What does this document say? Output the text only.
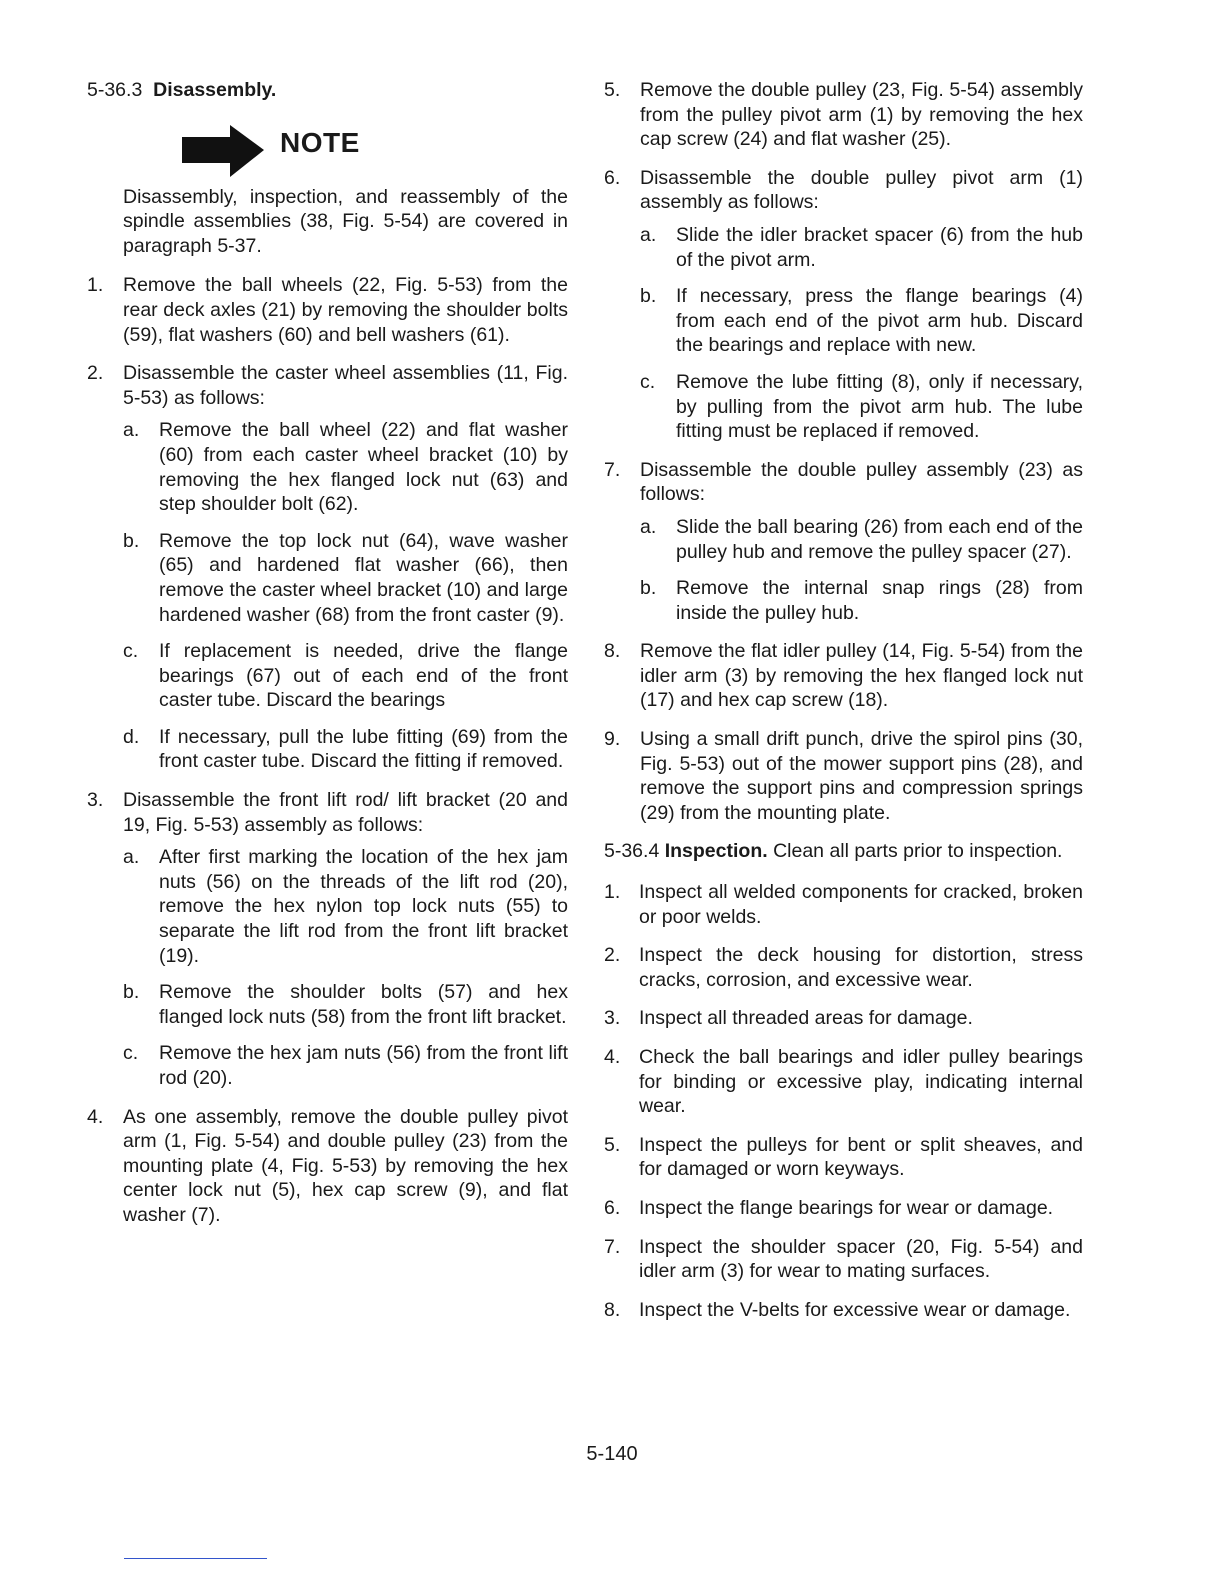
5-36.3 Disassembly.
NOTE
Disassembly, inspection, and reassembly of the spindle assemblies (38, Fig. 5-54) are covered in paragraph 5-37.
1. Remove the ball wheels (22, Fig. 5-53) from the rear deck axles (21) by removing the shoulder bolts (59), flat washers (60) and bell washers (61).
2. Disassemble the caster wheel assemblies (11, Fig. 5-53) as follows:
a. Remove the ball wheel (22) and flat washer (60) from each caster wheel bracket (10) by removing the hex flanged lock nut (63) and step shoulder bolt (62).
b. Remove the top lock nut (64), wave washer (65) and hardened flat washer (66), then remove the caster wheel bracket (10) and large hardened washer (68) from the front caster (9).
c. If replacement is needed, drive the flange bearings (67) out of each end of the front caster tube. Discard the bearings
d. If necessary, pull the lube fitting (69) from the front caster tube. Discard the fitting if removed.
3. Disassemble the front lift rod/ lift bracket (20 and 19, Fig. 5-53) assembly as follows:
a. After first marking the location of the hex jam nuts (56) on the threads of the lift rod (20), remove the hex nylon top lock nuts (55) to separate the lift rod from the front lift bracket (19).
b. Remove the shoulder bolts (57) and hex flanged lock nuts (58) from the front lift bracket.
c. Remove the hex jam nuts (56) from the front lift rod (20).
4. As one assembly, remove the double pulley pivot arm (1, Fig. 5-54) and double pulley (23) from the mounting plate (4, Fig. 5-53) by removing the hex center lock nut (5), hex cap screw (9), and flat washer (7).
5. Remove the double pulley (23, Fig. 5-54) assembly from the pulley pivot arm (1) by removing the hex cap screw (24) and flat washer (25).
6. Disassemble the double pulley pivot arm (1) assembly as follows:
a. Slide the idler bracket spacer (6) from the hub of the pivot arm.
b. If necessary, press the flange bearings (4) from each end of the pivot arm hub. Discard the bearings and replace with new.
c. Remove the lube fitting (8), only if necessary, by pulling from the pivot arm hub. The lube fitting must be replaced if removed.
7. Disassemble the double pulley assembly (23) as follows:
a. Slide the ball bearing (26) from each end of the pulley hub and remove the pulley spacer (27).
b. Remove the internal snap rings (28) from inside the pulley hub.
8. Remove the flat idler pulley (14, Fig. 5-54) from the idler arm (3) by removing the hex flanged lock nut (17) and hex cap screw (18).
9. Using a small drift punch, drive the spirol pins (30, Fig. 5-53) out of the mower support pins (28), and remove the support pins and compression springs (29) from the mounting plate.
5-36.4 Inspection. Clean all parts prior to inspection.
1. Inspect all welded components for cracked, broken or poor welds.
2. Inspect the deck housing for distortion, stress cracks, corrosion, and excessive wear.
3. Inspect all threaded areas for damage.
4. Check the ball bearings and idler pulley bearings for binding or excessive play, indicating internal wear.
5. Inspect the pulleys for bent or split sheaves, and for damaged or worn keyways.
6. Inspect the flange bearings for wear or damage.
7. Inspect the shoulder spacer (20, Fig. 5-54) and idler arm (3) for wear to mating surfaces.
8. Inspect the V-belts for excessive wear or damage.
5-140
